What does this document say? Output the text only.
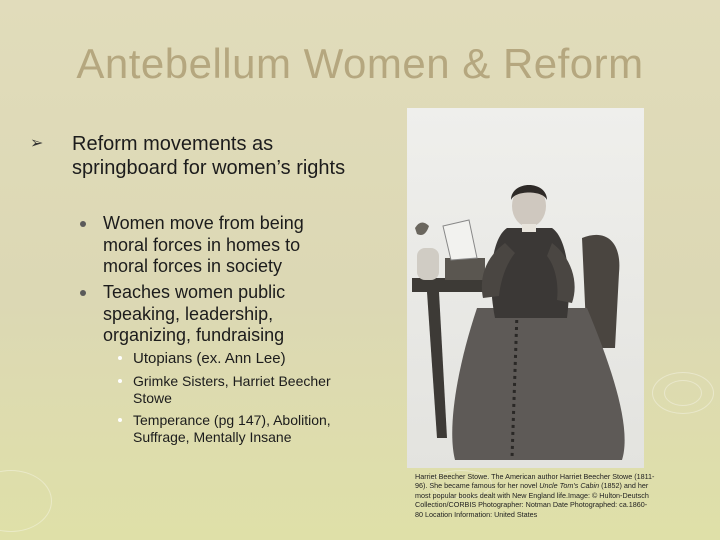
Antebellum Women & Reform
➢ Reform movements as springboard for women’s rights
Women move from being moral forces in homes to moral forces in society
Teaches women public speaking, leadership, organizing, fundraising
Utopians (ex. Ann Lee)
Grimke Sisters, Harriet Beecher Stowe
Temperance (pg 147), Abolition, Suffrage, Mentally Insane
Harriet Beecher Stowe. The American author Harriet Beecher Stowe (1811-96). She became famous for her novel Uncle Tom's Cabin (1852) and her most popular books dealt with New England life.Image: © Hulton-Deutsch Collection/CORBIS Photographer: Notman Date Photographed: ca.1860-80 Location Information: United States
